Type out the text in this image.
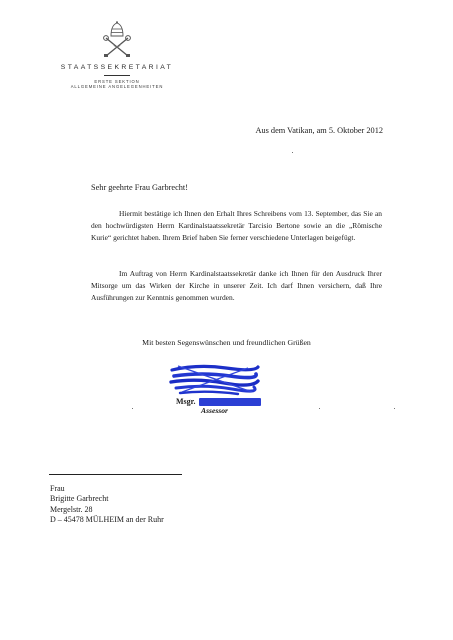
STAATSSEKRETARIAT
ERSTE SEKTION
ALLGEMEINE ANGELEGENHEITEN
Aus dem Vatikan, am 5. Oktober 2012
Sehr geehrte Frau Garbrecht!

Hiermit bestätige ich Ihnen den Erhalt Ihres Schreibens vom 13. September, das Sie an den hochwürdigsten Herrn Kardinalstaatssekretär Tarcisio Bertone sowie an die „Römische Kurie“ gerichtet haben. Ihrem Brief haben Sie ferner verschiedene Unterlagen beigefügt.

Im Auftrag von Herrn Kardinalstaatssekretär danke ich Ihnen für den Ausdruck Ihrer Mitsorge um das Wirken der Kirche in unserer Zeit. Ich darf Ihnen versichern, daß Ihre Ausführungen zur Kenntnis genommen wurden.

Mit besten Segenswünschen und freundlichen Grüßen
Msgr.
Assessor
Frau
Brigitte Garbrecht
Mergelstr. 28
D – 45478 MÜLHEIM an der Ruhr
